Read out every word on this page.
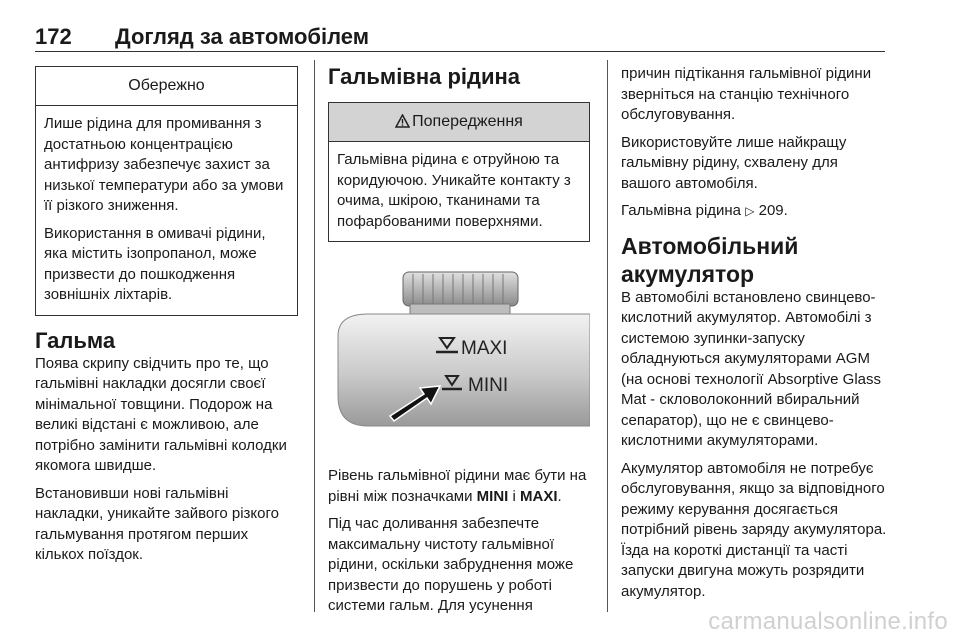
172 Догляд за автомобілем
Обережно

Лише рідина для промивання з достатньою концентрацією антифризу забезпечує захист за низької температури або за умови її різкого зниження.

Використання в омивачі рідини, яка містить ізопропанол, може призвести до пошкодження зовнішніх ліхтарів.

Гальма

Поява скрипу свідчить про те, що гальмівні накладки досягли своєї мінімальної товщини. Подорож на великі відстані є можливою, але потрібно замінити гальмівні колодки якомога швидше.

Встановивши нові гальмівні накладки, уникайте зайвого різкого гальмування протягом перших кількох поїздок.

Гальмівна рідина
Попередження

Гальмівна рідина є отруйною та коридуючою. Уникайте контакту з очима, шкірою, тканинами та пофарбованими поверхнями.

MAXI
MINI

Рівень гальмівної рідини має бути на рівні між позначками MINI і MAXI.

Під час доливання забезпечте максимальну чистоту гальмівної рідини, оскільки забруднення може призвести до порушень у роботі системи гальм. Для усунення

причин підтікання гальмівної рідини зверніться на станцію технічного обслуговування.

Використовуйте лише найкращу гальмівну рідину, схвалену для вашого автомобіля.

Гальмівна рідина ▷ 209.

Автомобільний акумулятор

В автомобілі встановлено свинцево-кислотний акумулятор. Автомобілі з системою зупинки-запуску обладнуються акумуляторами AGM (на основі технології Absorptive Glass Mat - скловолоконний вбиральний сепаратор), що не є свинцево-кислотними акумуляторами.

Акумулятор автомобіля не потребує обслуговування, якщо за відповідного режиму керування досягається потрібний рівень заряду акумулятора. Їзда на короткі дистанції та часті запуски двигуна можуть розрядити акумулятор.

carmanualsonline.info
